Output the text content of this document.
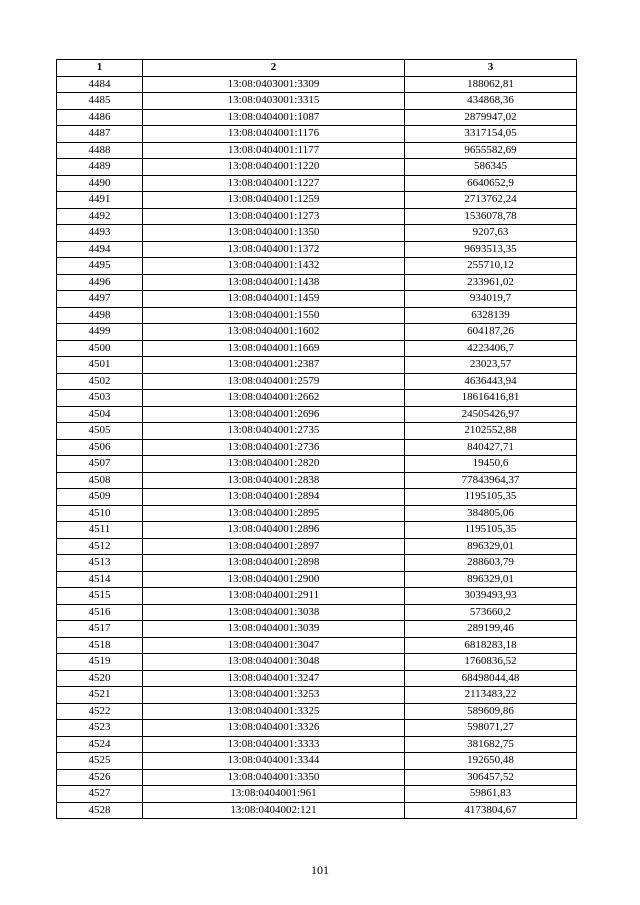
1	2	3
4484	13:08:0403001:3309	188062,81
4485	13:08:0403001:3315	434868,36
4486	13:08:0404001:1087	2879947,02
4487	13:08:0404001:1176	3317154,05
4488	13:08:0404001:1177	9655582,69
4489	13:08:0404001:1220	586345
4490	13:08:0404001:1227	6640652,9
4491	13:08:0404001:1259	2713762,24
4492	13:08:0404001:1273	1536078,78
4493	13:08:0404001:1350	9207,63
4494	13:08:0404001:1372	9693513,35
4495	13:08:0404001:1432	255710,12
4496	13:08:0404001:1438	233961,02
4497	13:08:0404001:1459	934019,7
4498	13:08:0404001:1550	6328139
4499	13:08:0404001:1602	604187,26
4500	13:08:0404001:1669	4223406,7
4501	13:08:0404001:2387	23023,57
4502	13:08:0404001:2579	4636443,94
4503	13:08:0404001:2662	18616416,81
4504	13:08:0404001:2696	24505426,97
4505	13:08:0404001:2735	2102552,88
4506	13:08:0404001:2736	840427,71
4507	13:08:0404001:2820	19450,6
4508	13:08:0404001:2838	77843964,37
4509	13:08:0404001:2894	1195105,35
4510	13:08:0404001:2895	384805,06
4511	13:08:0404001:2896	1195105,35
4512	13:08:0404001:2897	896329,01
4513	13:08:0404001:2898	288603,79
4514	13:08:0404001:2900	896329,01
4515	13:08:0404001:2911	3039493,93
4516	13:08:0404001:3038	573660,2
4517	13:08:0404001:3039	289199,46
4518	13:08:0404001:3047	6818283,18
4519	13:08:0404001:3048	1760836,52
4520	13:08:0404001:3247	68498044,48
4521	13:08:0404001:3253	2113483,22
4522	13:08:0404001:3325	589609,86
4523	13:08:0404001:3326	598071,27
4524	13:08:0404001:3333	381682,75
4525	13:08:0404001:3344	192650,48
4526	13:08:0404001:3350	306457,52
4527	13:08:0404001:961	59861,83
4528	13:08:0404002:121	4173804,67
101
